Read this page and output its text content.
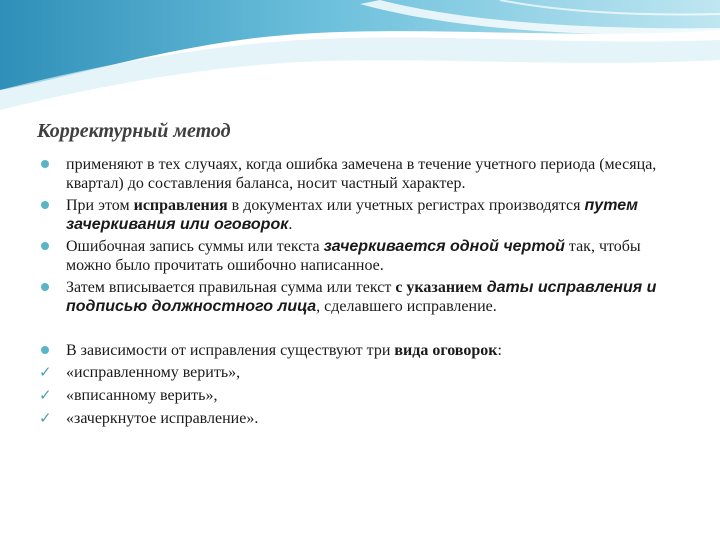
Корректурный метод
применяют в тех случаях, когда ошибка замечена в течение учетного периода (месяца, квартал) до составления баланса, носит частный характер.
При этом исправления в документах или учетных регистрах производятся путем зачеркивания или оговорок.
Ошибочная запись суммы или текста зачеркивается одной чертой так, чтобы можно было прочитать ошибочно написанное.
Затем вписывается правильная сумма или текст с указанием даты исправления и подписью должностного лица, сделавшего исправление.
В зависимости от исправления существуют три вида оговорок:
✓ «исправленному верить»,
✓ «вписанному верить»,
✓ «зачеркнутое исправление».
